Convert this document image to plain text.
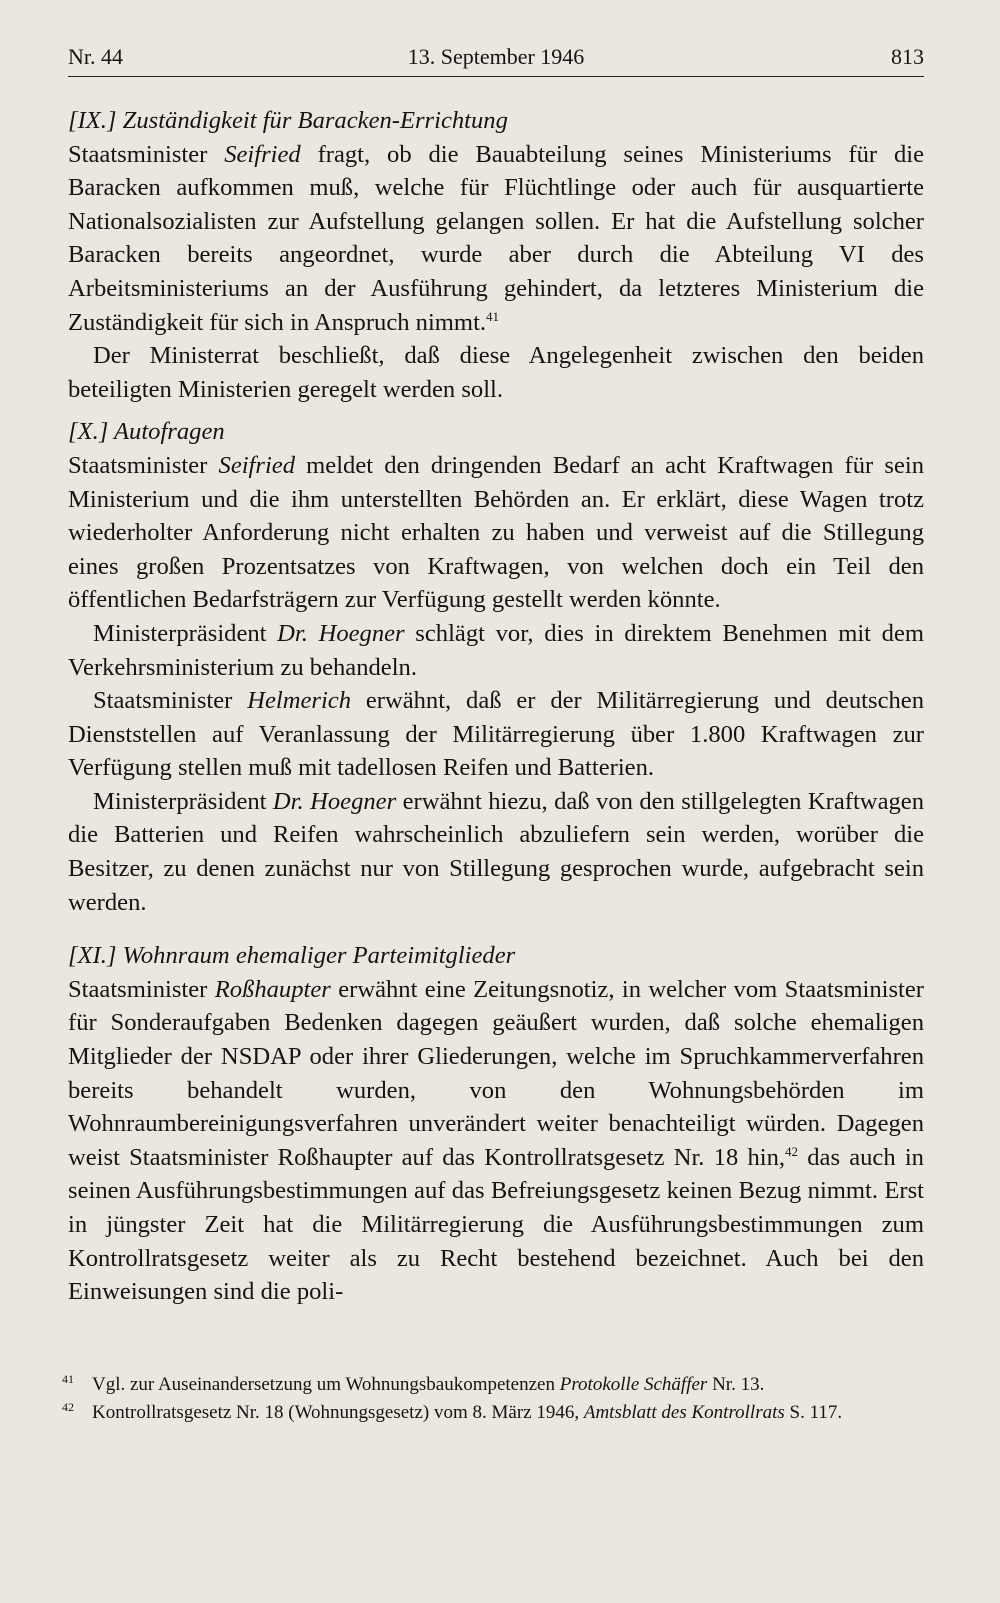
Nr. 44	13. September 1946	813
[IX.] Zuständigkeit für Baracken-Errichtung

Staatsminister Seifried fragt, ob die Bauabteilung seines Ministeriums für die Baracken aufkommen muß, welche für Flüchtlinge oder auch für ausquartierte Nationalsozialisten zur Aufstellung gelangen sollen. Er hat die Aufstellung solcher Baracken bereits angeordnet, wurde aber durch die Abteilung VI des Arbeitsministeriums an der Ausführung gehindert, da letzteres Ministerium die Zuständigkeit für sich in Anspruch nimmt.$^{41}$

Der Ministerrat beschließt, daß diese Angelegenheit zwischen den beiden beteiligten Ministerien geregelt werden soll.

[X.] Autofragen

Staatsminister Seifried meldet den dringenden Bedarf an acht Kraftwagen für sein Ministerium und die ihm unterstellten Behörden an. Er erklärt, diese Wagen trotz wiederholter Anforderung nicht erhalten zu haben und verweist auf die Stillegung eines großen Prozentsatzes von Kraftwagen, von welchen doch ein Teil den öffentlichen Bedarfsträgern zur Verfügung gestellt werden könnte.

Ministerpräsident Dr. Hoegner schlägt vor, dies in direktem Benehmen mit dem Verkehrsministerium zu behandeln.

Staatsminister Helmerich erwähnt, daß er der Militärregierung und deutschen Dienststellen auf Veranlassung der Militärregierung über 1.800 Kraftwagen zur Verfügung stellen muß mit tadellosen Reifen und Batterien.

Ministerpräsident Dr. Hoegner erwähnt hiezu, daß von den stillgelegten Kraftwagen die Batterien und Reifen wahrscheinlich abzuliefern sein werden, worüber die Besitzer, zu denen zunächst nur von Stillegung gesprochen wurde, aufgebracht sein werden.

[XI.] Wohnraum ehemaliger Parteimitglieder

Staatsminister Roßhaupter erwähnt eine Zeitungsnotiz, in welcher vom Staatsminister für Sonderaufgaben Bedenken dagegen geäußert wurden, daß solche ehemaligen Mitglieder der NSDAP oder ihrer Gliederungen, welche im Spruchkammerverfahren bereits behandelt wurden, von den Wohnungsbehörden im Wohnraumbereinigungsverfahren unverändert weiter benachteiligt würden. Dagegen weist Staatsminister Roßhaupter auf das Kontrollratsgesetz Nr. 18 hin,$^{42}$ das auch in seinen Ausführungsbestimmungen auf das Befreiungsgesetz keinen Bezug nimmt. Erst in jüngster Zeit hat die Militärregierung die Ausführungsbestimmungen zum Kontrollratsgesetz weiter als zu Recht bestehend bezeichnet. Auch bei den Einweisungen sind die poli-

41 Vgl. zur Auseinandersetzung um Wohnungsbaukompetenzen Protokolle Schäffer Nr. 13.
42 Kontrollratsgesetz Nr. 18 (Wohnungsgesetz) vom 8. März 1946, Amtsblatt des Kontrollrats S. 117.
